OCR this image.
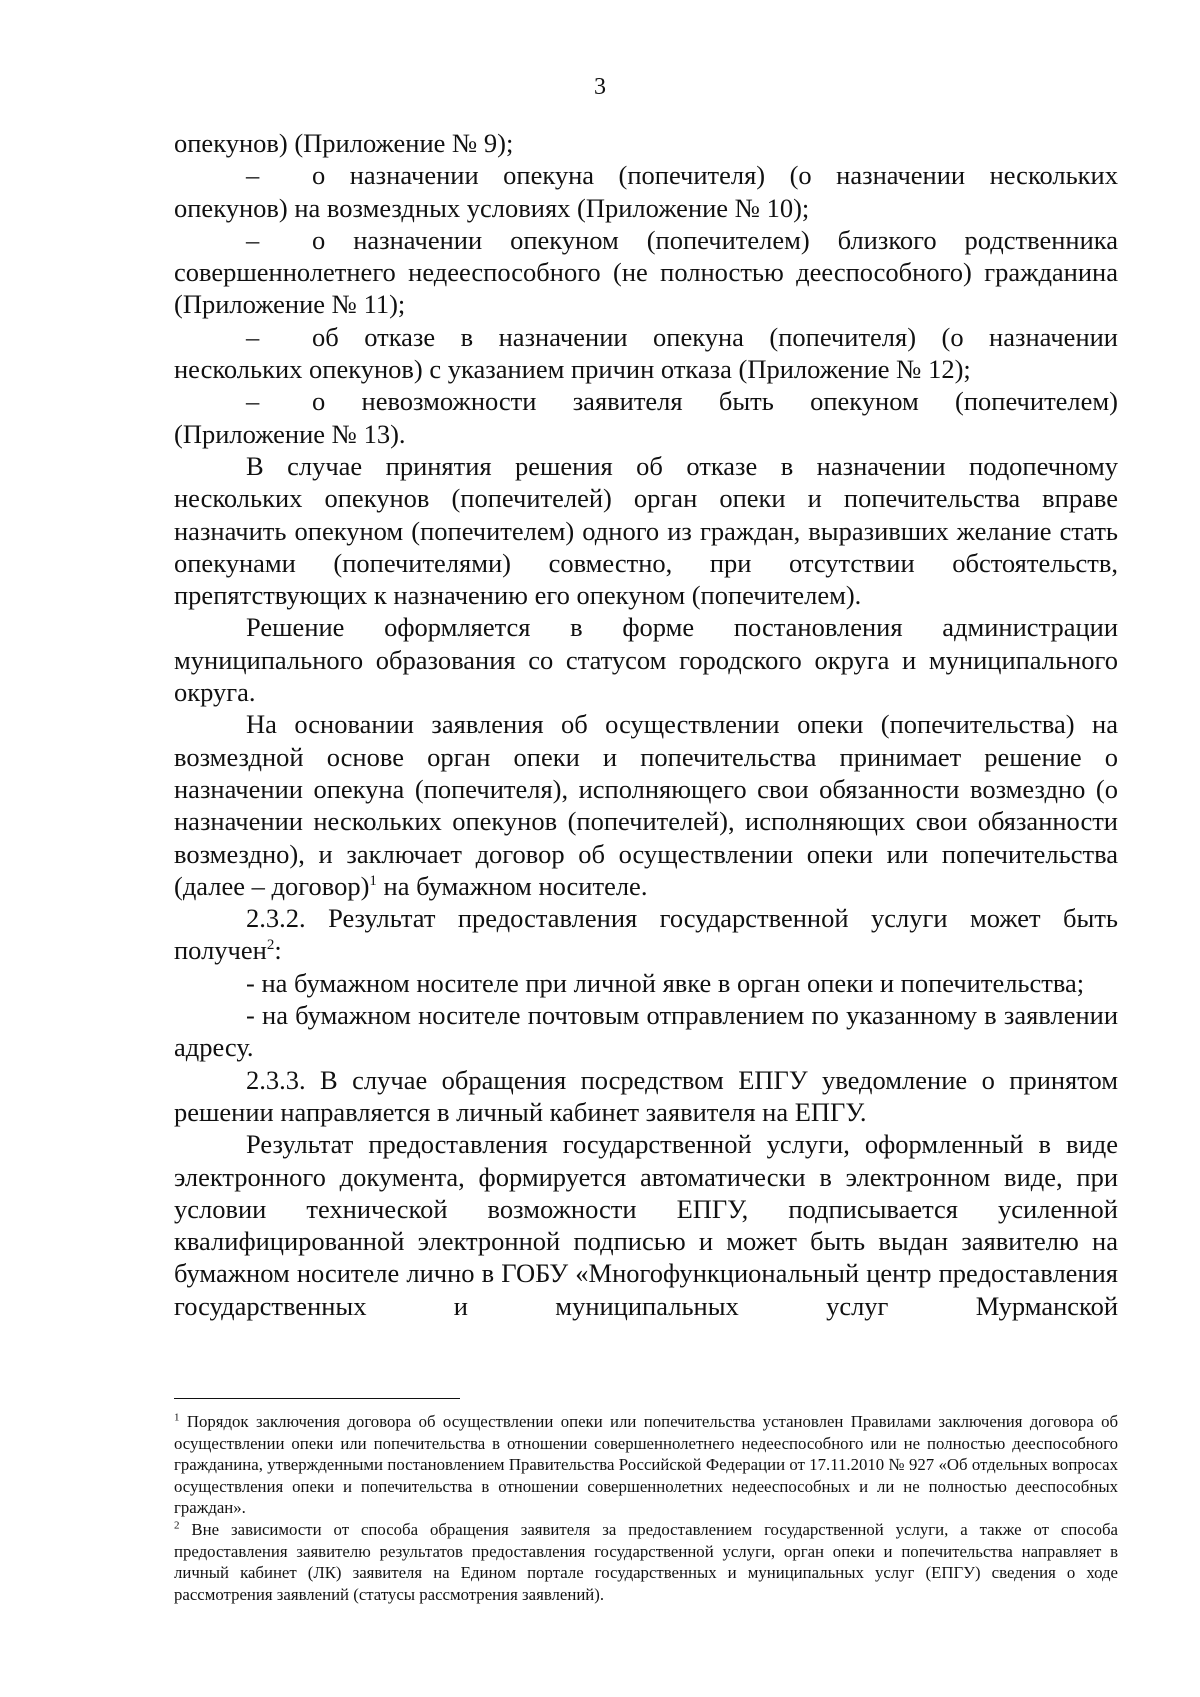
3

опекунов) (Приложение № 9);

– о назначении опекуна (попечителя) (о назначении нескольких опекунов) на возмездных условиях (Приложение № 10);

– о назначении опекуном (попечителем) близкого родственника совершеннолетнего недееспособного (не полностью дееспособного) гражданина (Приложение № 11);

– об отказе в назначении опекуна (попечителя) (о назначении нескольких опекунов) с указанием причин отказа (Приложение № 12);

– о невозможности заявителя быть опекуном (попечителем) (Приложение № 13).

В случае принятия решения об отказе в назначении подопечному нескольких опекунов (попечителей) орган опеки и попечительства вправе назначить опекуном (попечителем) одного из граждан, выразивших желание стать опекунами (попечителями) совместно, при отсутствии обстоятельств, препятствующих к назначению его опекуном (попечителем).

Решение оформляется в форме постановления администрации муниципального образования со статусом городского округа и муниципального округа.

На основании заявления об осуществлении опеки (попечительства) на возмездной основе орган опеки и попечительства принимает решение о назначении опекуна (попечителя), исполняющего свои обязанности возмездно (о назначении нескольких опекунов (попечителей), исполняющих свои обязанности возмездно), и заключает договор об осуществлении опеки или попечительства (далее – договор)$^1$ на бумажном носителе.

2.3.2. Результат предоставления государственной услуги может быть получен$^2$:

- на бумажном носителе при личной явке в орган опеки и попечительства;

- на бумажном носителе почтовым отправлением по указанному в заявлении адресу.

2.3.3. В случае обращения посредством ЕПГУ уведомление о принятом решении направляется в личный кабинет заявителя на ЕПГУ.

Результат предоставления государственной услуги, оформленный в виде электронного документа, формируется автоматически в электронном виде, при условии технической возможности ЕПГУ, подписывается усиленной квалифицированной электронной подписью и может быть выдан заявителю на бумажном носителе лично в ГОБУ «Многофункциональный центр предоставления государственных и муниципальных услуг Мурманской

$^1$ Порядок заключения договора об осуществлении опеки или попечительства установлен Правилами заключения договора об осуществлении опеки или попечительства в отношении совершеннолетнего недееспособного или не полностью дееспособного гражданина, утвержденными постановлением Правительства Российской Федерации от 17.11.2010 № 927 «Об отдельных вопросах осуществления опеки и попечительства в отношении совершеннолетних недееспособных и ли не полностью дееспособных граждан».

$^2$ Вне зависимости от способа обращения заявителя за предоставлением государственной услуги, а также от способа предоставления заявителю результатов предоставления государственной услуги, орган опеки и попечительства направляет в личный кабинет (ЛК) заявителя на Едином портале государственных и муниципальных услуг (ЕПГУ) сведения о ходе рассмотрения заявлений (статусы рассмотрения заявлений).
